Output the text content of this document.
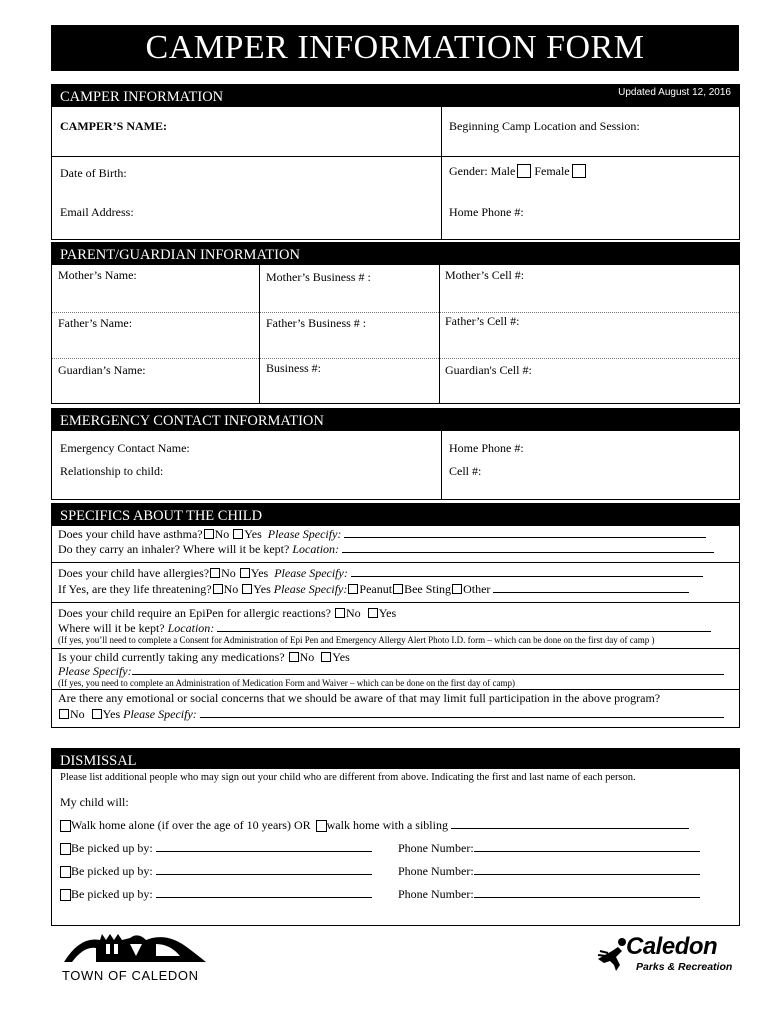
CAMPER INFORMATION FORM
CAMPER INFORMATION	Updated August 12, 2016
CAMPER’S NAME:	Beginning Camp Location and Session:
Date of Birth:	Gender: Male Female
Email Address:	Home Phone #:
PARENT/GUARDIAN INFORMATION
Mother’s Name:	Mother’s Business # :	Mother’s Cell #:
Father’s Name:	Father’s Business # :	Father’s Cell #:
Guardian’s Name:	Business #:	Guardian's Cell #:
EMERGENCY CONTACT INFORMATION
Emergency Contact Name:	Home Phone #:
Relationship to child:	Cell #:
SPECIFICS ABOUT THE CHILD
Does your child have asthma? No Yes Please Specify:
Do they carry an inhaler? Where will it be kept? Location:
Does your child have allergies? No Yes Please Specify:
If Yes, are they life threatening? No Yes Please Specify: Peanut Bee Sting Other
Does your child require an EpiPen for allergic reactions? No Yes
Where will it be kept? Location:
(If yes, you’ll need to complete a Consent for Administration of Epi Pen and Emergency Allergy Alert Photo I.D. form – which can be done on the first day of camp )
Is your child currently taking any medications? No Yes
Please Specify:
(If yes, you need to complete an Administration of Medication Form and Waiver – which can be done on the first day of camp)
Are there any emotional or social concerns that we should be aware of that may limit full participation in the above program?
No Yes Please Specify:
DISMISSAL
Please list additional people who may sign out your child who are different from above. Indicating the first and last name of each person.
My child will:
Walk home alone (if over the age of 10 years) OR walk home with a sibling
Be picked up by:	Phone Number:
Be picked up by:	Phone Number:
Be picked up by:	Phone Number:
TOWN OF CALEDON
Caledon
Parks & Recreation
